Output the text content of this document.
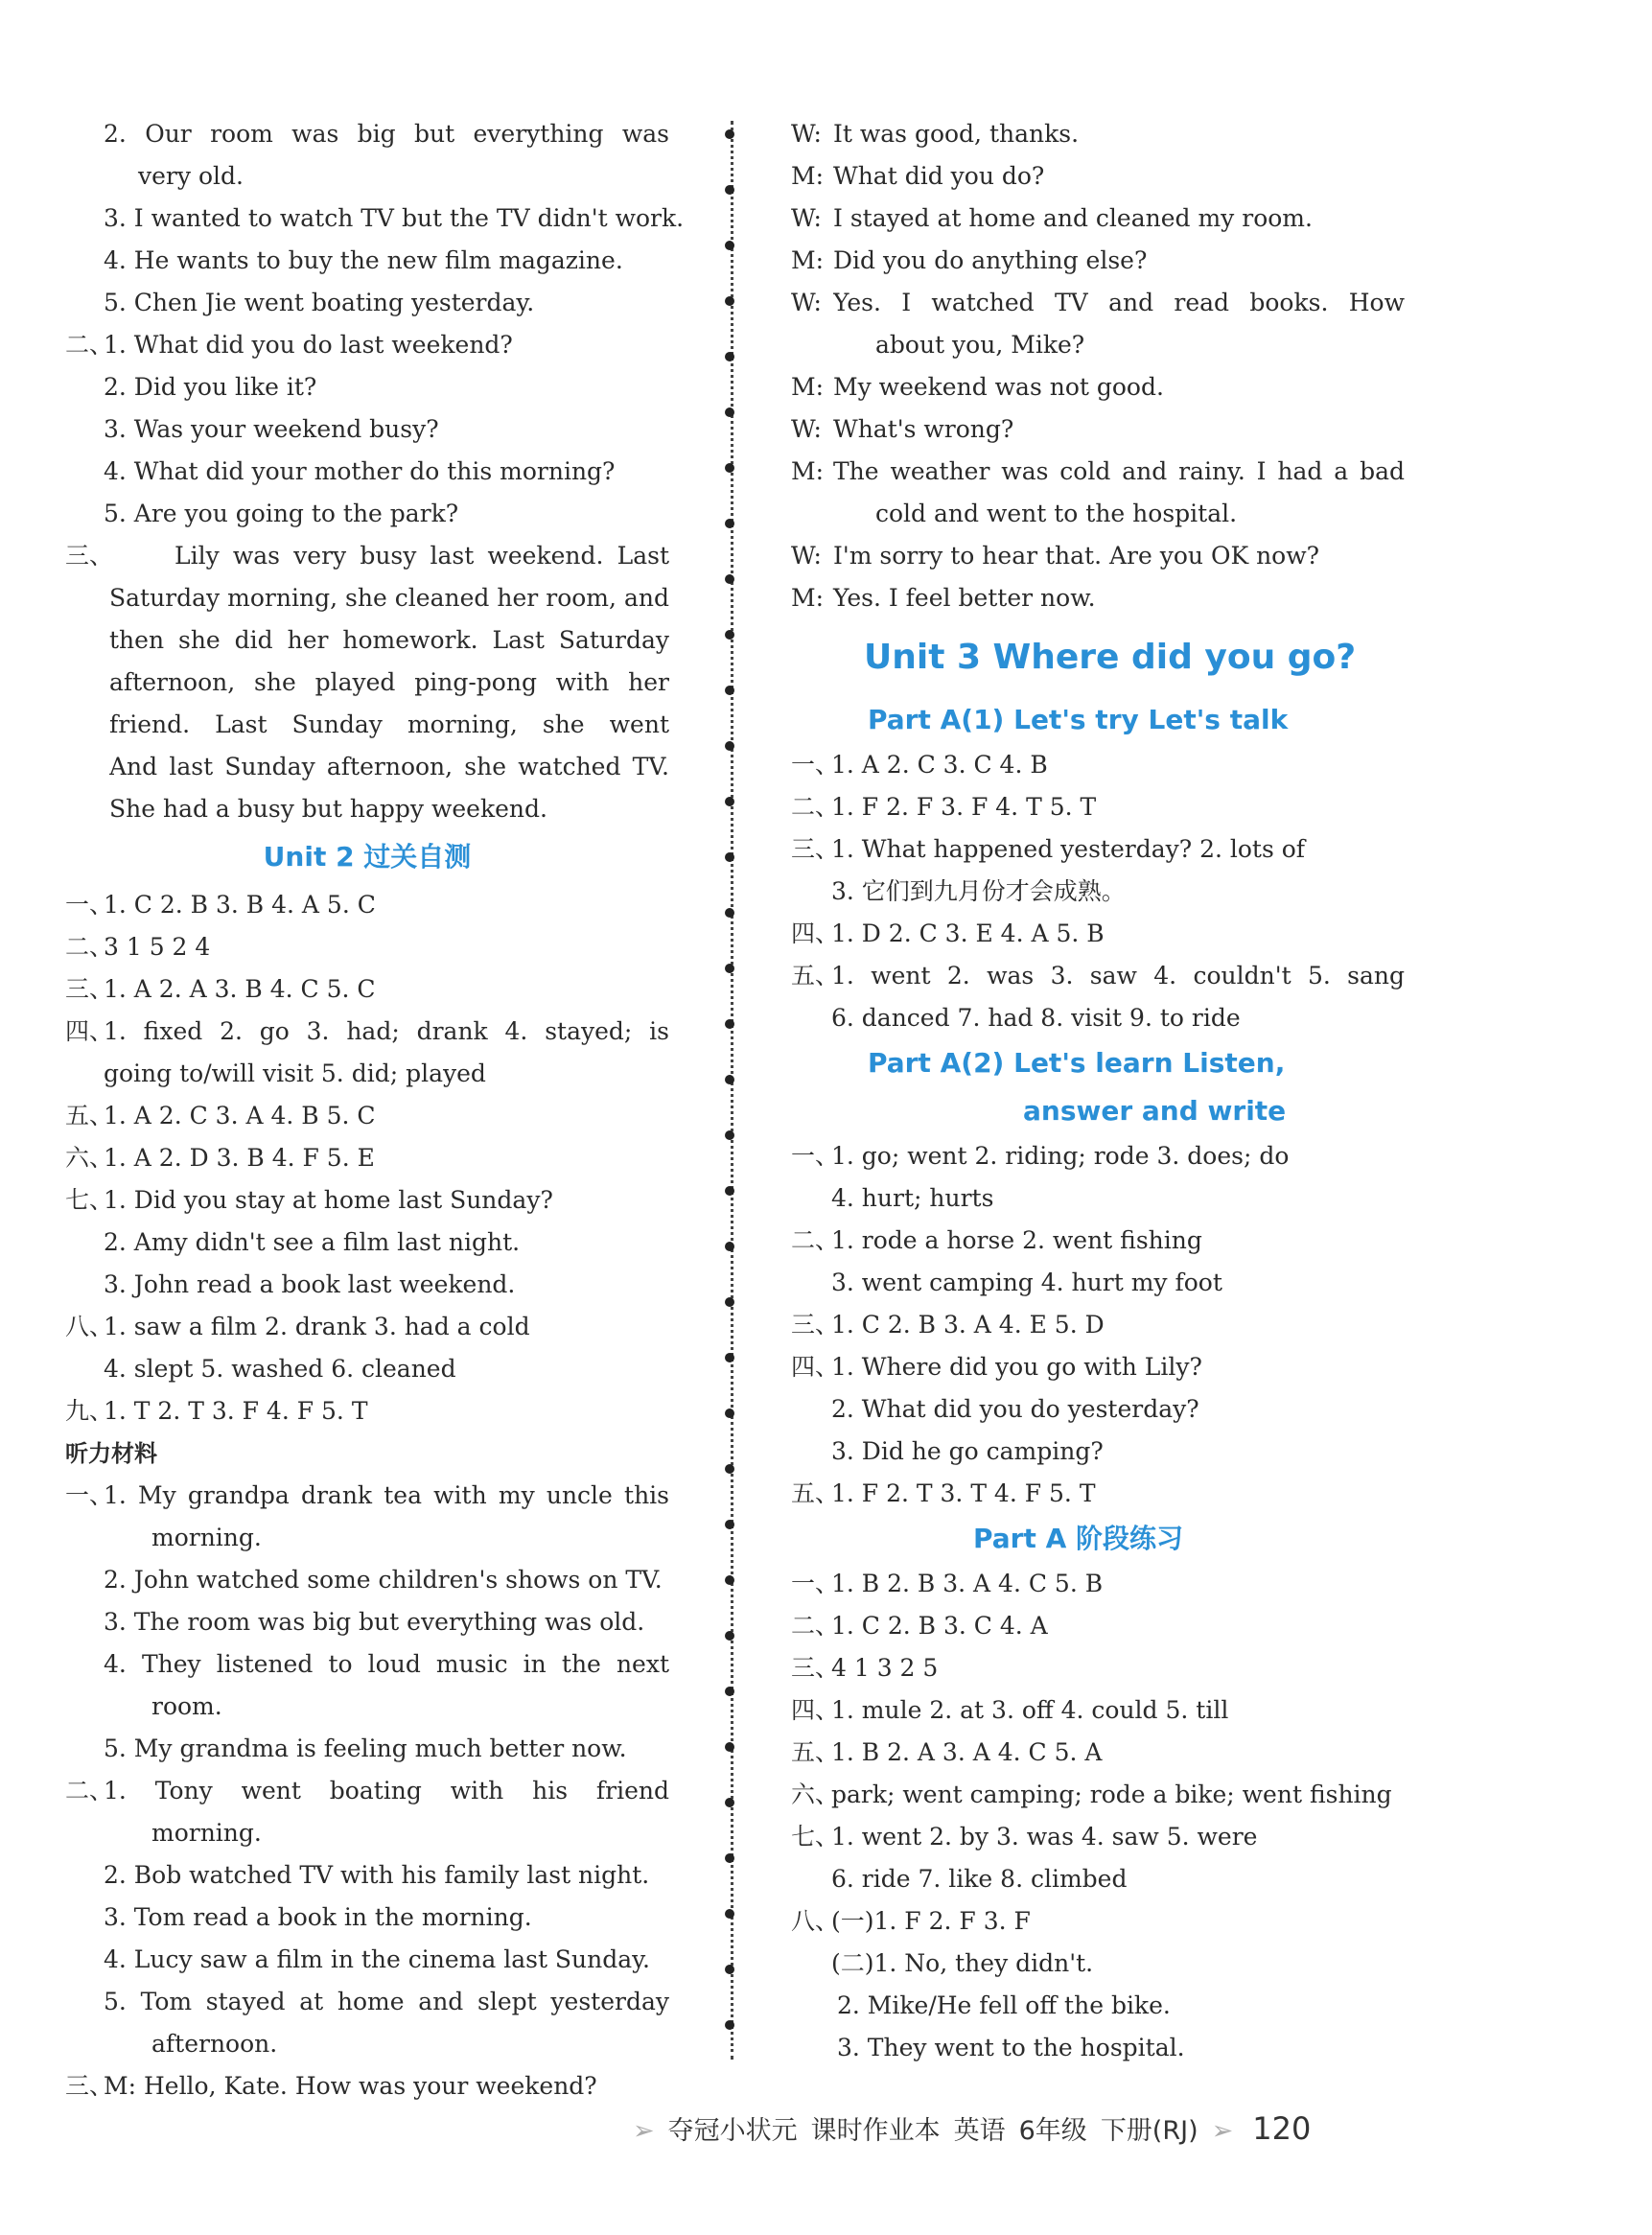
2. Our room was big but everything was
very old.
3. I wanted to watch TV but the TV didn't work.
4. He wants to buy the new film magazine.
5. Chen Jie went boating yesterday.
二、
1. What did you do last weekend?
2. Did you like it?
3. Was your weekend busy?
4. What did your mother do this morning?
5. Are you going to the park?
三、	Lily was very busy last weekend. Last
Saturday morning, she cleaned her room, and
then she did her homework. Last Saturday
afternoon, she played ping-pong with her
friend. Last Sunday morning, she went
And last Sunday afternoon, she watched TV.
She had a busy but happy weekend.
Unit 2 过关自测
一、
1. C 2. B 3. B 4. A 5. C
二、
3 1 5 2 4
三、
1. A 2. A 3. B 4. C 5. C
四、
1. fixed 2. go 3. had; drank 4. stayed; is
going to/will visit 5. did; played
五、
1. A 2. C 3. A 4. B 5. C
六、
1. A 2. D 3. B 4. F 5. E
七、
1. Did you stay at home last Sunday?
2. Amy didn't see a film last night.
3. John read a book last weekend.
八、
1. saw a film 2. drank 3. had a cold
4. slept 5. washed 6. cleaned
九、
1. T 2. T 3. F 4. F 5. T
听力材料
一、
1. My grandpa drank tea with my uncle this
morning.
2. John watched some children's shows on TV.
3. The room was big but everything was old.
4. They listened to loud music in the next
room.
5. My grandma is feeling much better now.
二、
1. Tony went boating with his friend
morning.
2. Bob watched TV with his family last night.
3. Tom read a book in the morning.
4. Lucy saw a film in the cinema last Sunday.
5. Tom stayed at home and slept yesterday
afternoon.
三、
M: Hello, Kate. How was your weekend?
W: It was good, thanks.
M: What did you do?
W: I stayed at home and cleaned my room.
M: Did you do anything else?
W: Yes. I watched TV and read books. How
about you, Mike?
M: My weekend was not good.
W: What's wrong?
M: The weather was cold and rainy. I had a bad
cold and went to the hospital.
W: I'm sorry to hear that. Are you OK now?
M: Yes. I feel better now.
Unit 3 Where did you go?
Part A(1) Let's try Let's talk
一、
1. A 2. C 3. C 4. B
二、
1. F 2. F 3. F 4. T 5. T
三、
1. What happened yesterday? 2. lots of
3. 它们到九月份才会成熟。
四、
1. D 2. C 3. E 4. A 5. B
五、
1. went 2. was 3. saw 4. couldn't 5. sang
6. danced 7. had 8. visit 9. to ride
Part A(2) Let's learn Listen,
answer and write
一、
1. go; went 2. riding; rode 3. does; do
4. hurt; hurts
二、
1. rode a horse 2. went fishing
3. went camping 4. hurt my foot
三、
1. C 2. B 3. A 4. E 5. D
四、
1. Where did you go with Lily?
2. What did you do yesterday?
3. Did he go camping?
五、
1. F 2. T 3. T 4. F 5. T
Part A 阶段练习
一、
1. B 2. B 3. A 4. C 5. B
二、
1. C 2. B 3. C 4. A
三、
4 1 3 2 5
四、
1. mule 2. at 3. off 4. could 5. till
五、
1. B 2. A 3. A 4. C 5. A
六、
park; went camping; rode a bike; went fishing
七、
1. went 2. by 3. was 4. saw 5. were
6. ride 7. like 8. climbed
八、
(一)1. F 2. F 3. F
(二)1. No, they didn't.
2. Mike/He fell off the bike.
3. They went to the hospital.
➢ 夺冠小状元 课时作业本 英语 6年级 下册(RJ) ➢ 120
